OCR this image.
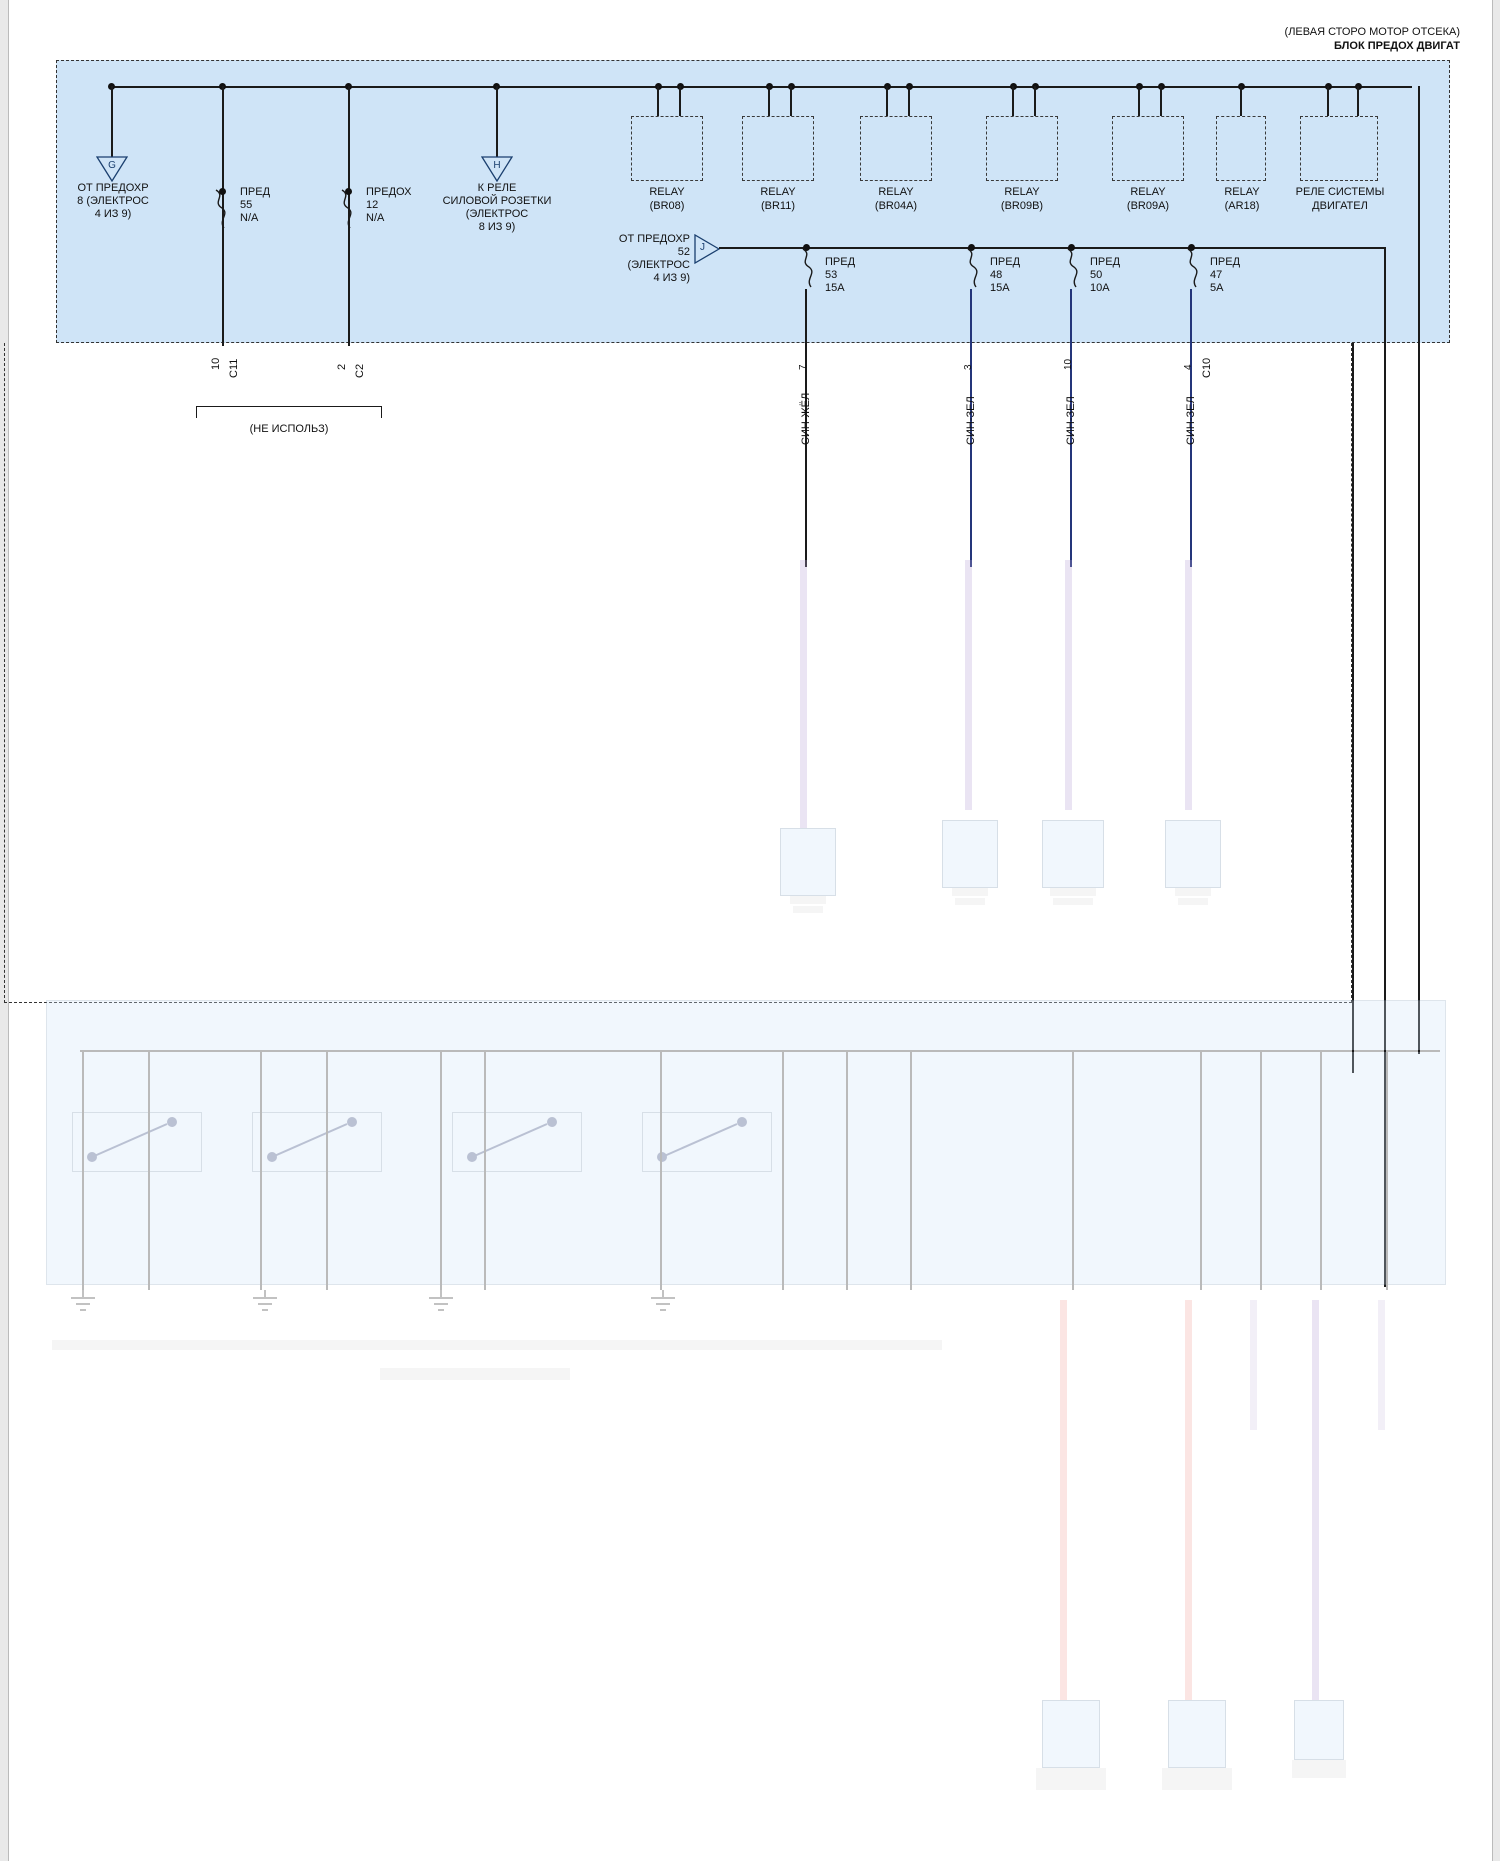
(ЛЕВАЯ СТОРО МОТОР ОТСЕКА)
БЛОК ПРЕДОХ ДВИГАТ
G
ОТ ПРЕДОХР
8 (ЭЛЕКТРОС
4 ИЗ 9)
ПРЕД
55
N/A
ПРЕДОХ
12
N/A
H
К РЕЛЕ
СИЛОВОЙ РОЗЕТКИ
(ЭЛЕКТРОС
8 ИЗ 9)
RELAY
(BR08)
RELAY
(BR11)
RELAY
(BR04A)
RELAY
(BR09B)
RELAY
(BR09A)
RELAY
(AR18)
РЕЛЕ СИСТЕМЫ
ДВИГАТЕЛ
J
ОТ ПРЕДОХР
52
(ЭЛЕКТРОС
4 ИЗ 9)
ПРЕД
53
15A
ПРЕД
48
15A
ПРЕД
50
10A
ПРЕД
47
5A
10 C11	2 C2
(НЕ ИСПОЛЬЗ)
7
СИН-ЖЁЛ
3
СИН-ЗЕЛ
10
СИН-ЗЕЛ
4 C10
СИН-ЗЕЛ
